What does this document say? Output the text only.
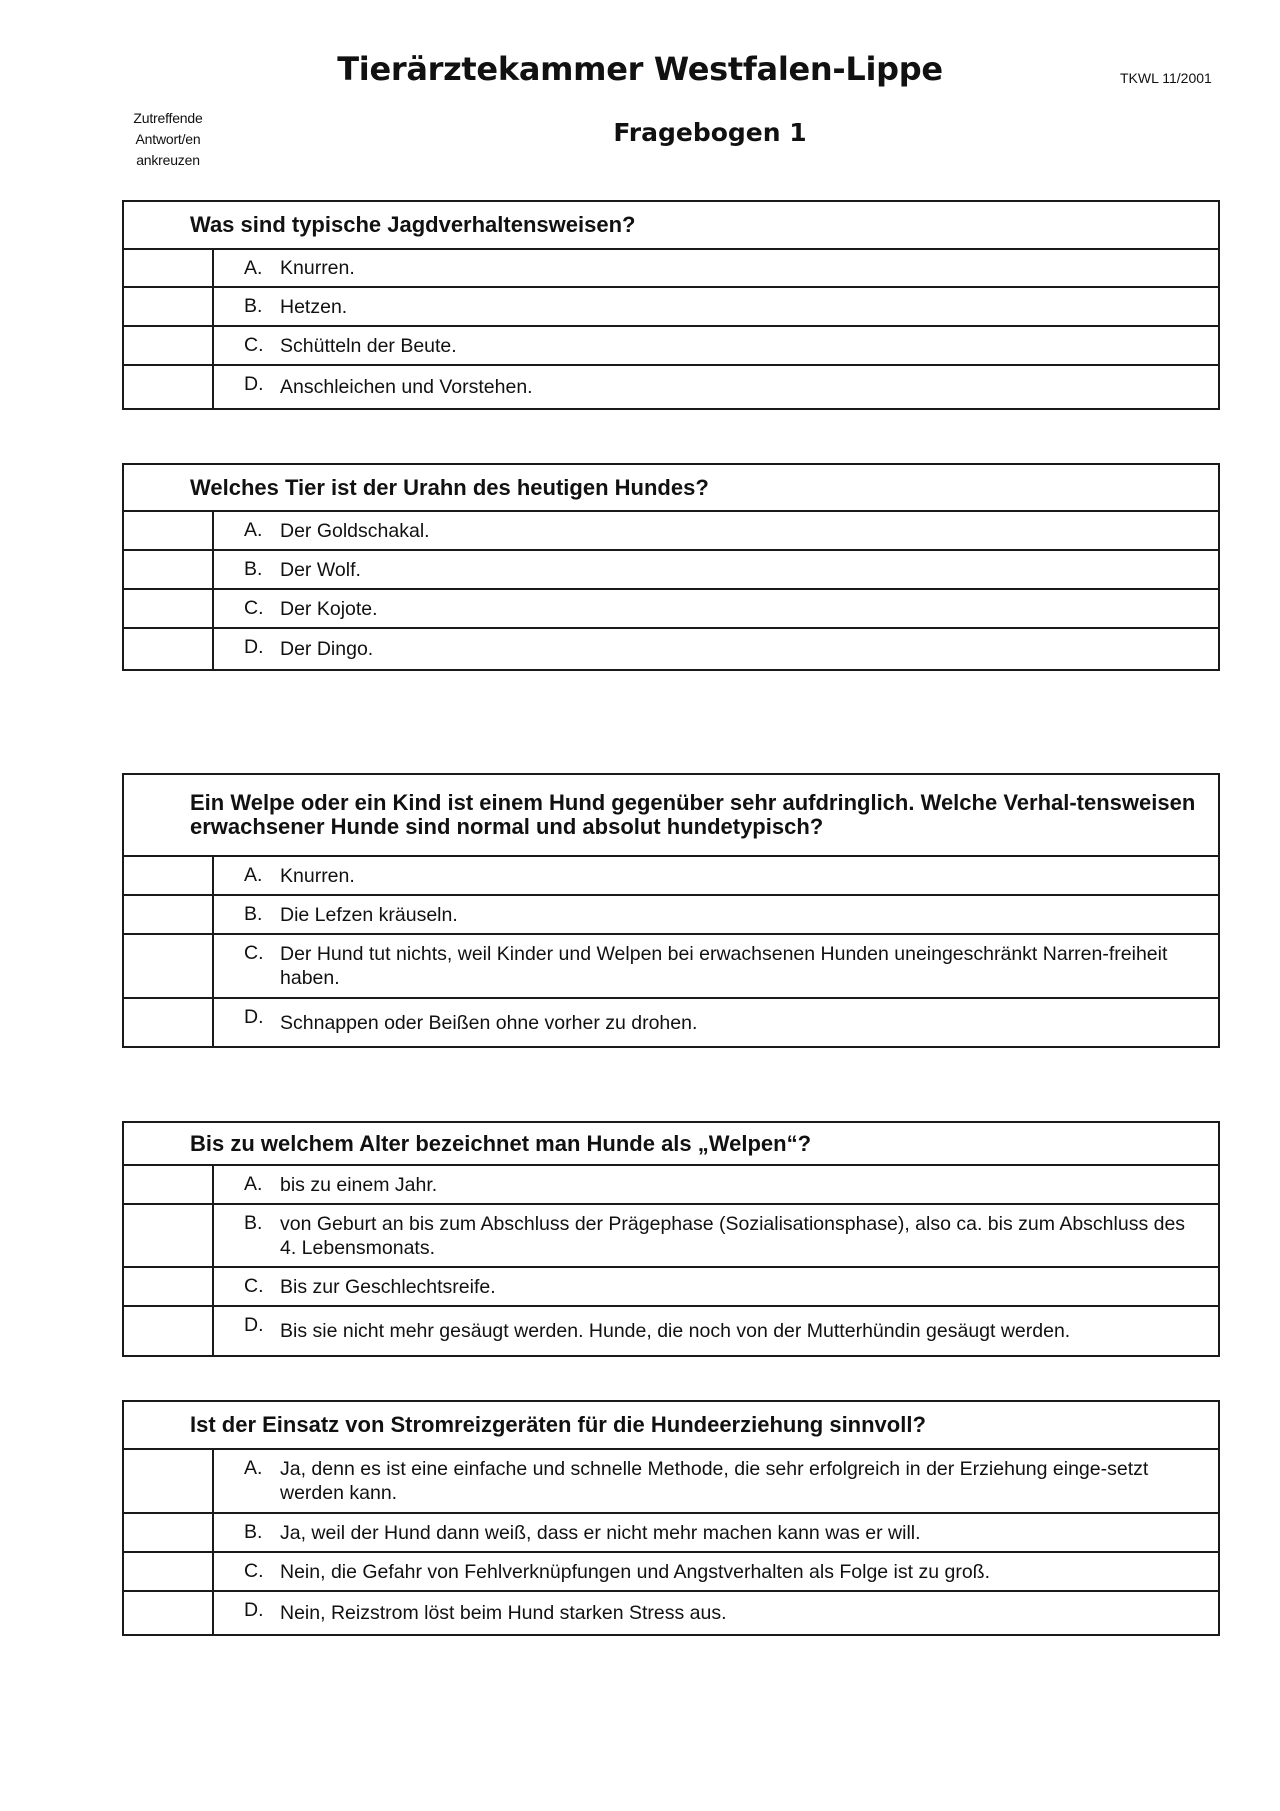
Tierärztekammer Westfalen-Lippe
Fragebogen 1
TKWL 11/2001
Zutreffende
Antwort/en
ankreuzen
Was sind typische Jagdverhaltensweisen?
A. Knurren.
B. Hetzen.
C. Schütteln der Beute.
D. Anschleichen und Vorstehen.
Welches Tier ist der Urahn des heutigen Hundes?
A. Der Goldschakal.
B. Der Wolf.
C. Der Kojote.
D. Der Dingo.
Ein Welpe oder ein Kind ist einem Hund gegenüber sehr aufdringlich. Welche Verhal-tensweisen erwachsener Hunde sind normal und absolut hundetypisch?
A. Knurren.
B. Die Lefzen kräuseln.
C. Der Hund tut nichts, weil Kinder und Welpen bei erwachsenen Hunden uneingeschränkt Narren-freiheit haben.
D. Schnappen oder Beißen ohne vorher zu drohen.
Bis zu welchem Alter bezeichnet man Hunde als „Welpen“?
A. bis zu einem Jahr.
B. von Geburt an bis zum Abschluss der Prägephase (Sozialisationsphase), also ca. bis zum Abschluss des 4. Lebensmonats.
C. Bis zur Geschlechtsreife.
D. Bis sie nicht mehr gesäugt werden. Hunde, die noch von der Mutterhündin gesäugt werden.
Ist der Einsatz von Stromreizgeräten für die Hundeerziehung sinnvoll?
A. Ja, denn es ist eine einfache und schnelle Methode, die sehr erfolgreich in der Erziehung einge-setzt werden kann.
B. Ja, weil der Hund dann weiß, dass er nicht mehr machen kann was er will.
C. Nein, die Gefahr von Fehlverknüpfungen und Angstverhalten als Folge ist zu groß.
D. Nein, Reizstrom löst beim Hund starken Stress aus.
